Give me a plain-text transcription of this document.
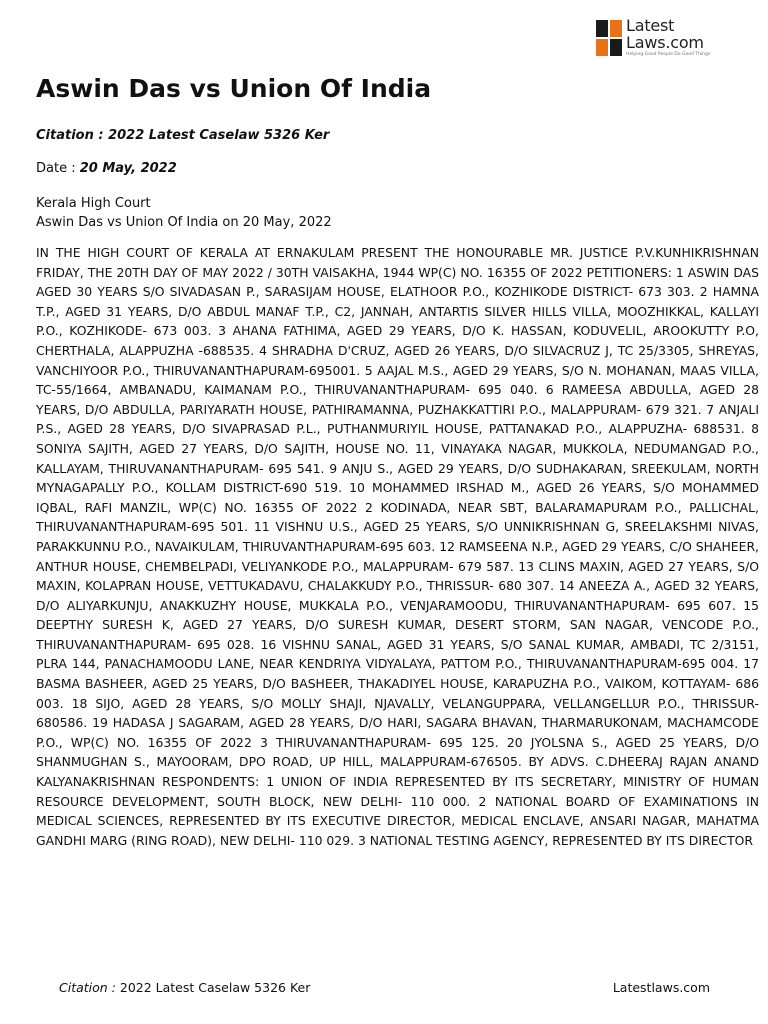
Latest
Laws.com
Helping Good People Do Good Things
Aswin Das vs Union Of India
Citation : 2022 Latest Caselaw 5326 Ker
Date : 20 May, 2022
Kerala High Court
Aswin Das vs Union Of India on 20 May, 2022

IN THE HIGH COURT OF KERALA AT ERNAKULAM PRESENT THE HONOURABLE MR. JUSTICE P.V.KUNHIKRISHNAN FRIDAY, THE 20TH DAY OF MAY 2022 / 30TH VAISAKHA, 1944 WP(C) NO. 16355 OF 2022 PETITIONERS: 1 ASWIN DAS AGED 30 YEARS S/O SIVADASAN P., SARASIJAM HOUSE, ELATHOOR P.O., KOZHIKODE DISTRICT- 673 303. 2 HAMNA T.P., AGED 31 YEARS, D/O ABDUL MANAF T.P., C2, JANNAH, ANTARTIS SILVER HILLS VILLA, MOOZHIKKAL, KALLAYI P.O., KOZHIKODE- 673 003. 3 AHANA FATHIMA, AGED 29 YEARS, D/O K. HASSAN, KODUVELIL, AROOKUTTY P.O, CHERTHALA, ALAPPUZHA -688535. 4 SHRADHA D'CRUZ, AGED 26 YEARS, D/O SILVACRUZ J, TC 25/3305, SHREYAS, VANCHIYOOR P.O., THIRUVANANTHAPURAM-695001. 5 AAJAL M.S., AGED 29 YEARS, S/O N. MOHANAN, MAAS VILLA, TC-55/1664, AMBANADU, KAIMANAM P.O., THIRUVANANTHAPURAM- 695 040. 6 RAMEESA ABDULLA, AGED 28 YEARS, D/O ABDULLA, PARIYARATH HOUSE, PATHIRAMANNA, PUZHAKKATTIRI P.O., MALAPPURAM- 679 321. 7 ANJALI P.S., AGED 28 YEARS, D/O SIVAPRASAD P.L., PUTHANMURIYIL HOUSE, PATTANAKAD P.O., ALAPPUZHA- 688531. 8 SONIYA SAJITH, AGED 27 YEARS, D/O SAJITH, HOUSE NO. 11, VINAYAKA NAGAR, MUKKOLA, NEDUMANGAD P.O., KALLAYAM, THIRUVANANTHAPURAM- 695 541. 9 ANJU S., AGED 29 YEARS, D/O SUDHAKARAN, SREEKULAM, NORTH MYNAGAPALLY P.O., KOLLAM DISTRICT-690 519. 10 MOHAMMED IRSHAD M., AGED 26 YEARS, S/O MOHAMMED IQBAL, RAFI MANZIL, WP(C) NO. 16355 OF 2022 2 KODINADA, NEAR SBT, BALARAMAPURAM P.O., PALLICHAL, THIRUVANANTHAPURAM-695 501. 11 VISHNU U.S., AGED 25 YEARS, S/O UNNIKRISHNAN G, SREELAKSHMI NIVAS, PARAKKUNNU P.O., NAVAIKULAM, THIRUVANTHAPURAM-695 603. 12 RAMSEENA N.P., AGED 29 YEARS, C/O SHAHEER, ANTHUR HOUSE, CHEMBELPADI, VELIYANKODE P.O., MALAPPURAM- 679 587. 13 CLINS MAXIN, AGED 27 YEARS, S/O MAXIN, KOLAPRAN HOUSE, VETTUKADAVU, CHALAKKUDY P.O., THRISSUR- 680 307. 14 ANEEZA A., AGED 32 YEARS, D/O ALIYARKUNJU, ANAKKUZHY HOUSE, MUKKALA P.O., VENJARAMOODU, THIRUVANANTHAPURAM- 695 607. 15 DEEPTHY SURESH K, AGED 27 YEARS, D/O SURESH KUMAR, DESERT STORM, SAN NAGAR, VENCODE P.O., THIRUVANANTHAPURAM- 695 028. 16 VISHNU SANAL, AGED 31 YEARS, S/O SANAL KUMAR, AMBADI, TC 2/3151, PLRA 144, PANACHAMOODU LANE, NEAR KENDRIYA VIDYALAYA, PATTOM P.O., THIRUVANANTHAPURAM-695 004. 17 BASMA BASHEER, AGED 25 YEARS, D/O BASHEER, THAKADIYEL HOUSE, KARAPUZHA P.O., VAIKOM, KOTTAYAM- 686 003. 18 SIJO, AGED 28 YEARS, S/O MOLLY SHAJI, NJAVALLY, VELANGUPPARA, VELLANGELLUR P.O., THRISSUR- 680586. 19 HADASA J SAGARAM, AGED 28 YEARS, D/O HARI, SAGARA BHAVAN, THARMARUKONAM, MACHAMCODE P.O., WP(C) NO. 16355 OF 2022 3 THIRUVANANTHAPURAM- 695 125. 20 JYOLSNA S., AGED 25 YEARS, D/O SHANMUGHAN S., MAYOORAM, DPO ROAD, UP HILL, MALAPPURAM-676505. BY ADVS. C.DHEERAJ RAJAN ANAND KALYANAKRISHNAN RESPONDENTS: 1 UNION OF INDIA REPRESENTED BY ITS SECRETARY, MINISTRY OF HUMAN RESOURCE DEVELOPMENT, SOUTH BLOCK, NEW DELHI- 110 000. 2 NATIONAL BOARD OF EXAMINATIONS IN MEDICAL SCIENCES, REPRESENTED BY ITS EXECUTIVE DIRECTOR, MEDICAL ENCLAVE, ANSARI NAGAR, MAHATMA GANDHI MARG (RING ROAD), NEW DELHI- 110 029. 3 NATIONAL TESTING AGENCY, REPRESENTED BY ITS DIRECTOR

Citation : 2022 Latest Caselaw 5326 Ker	Latestlaws.com
